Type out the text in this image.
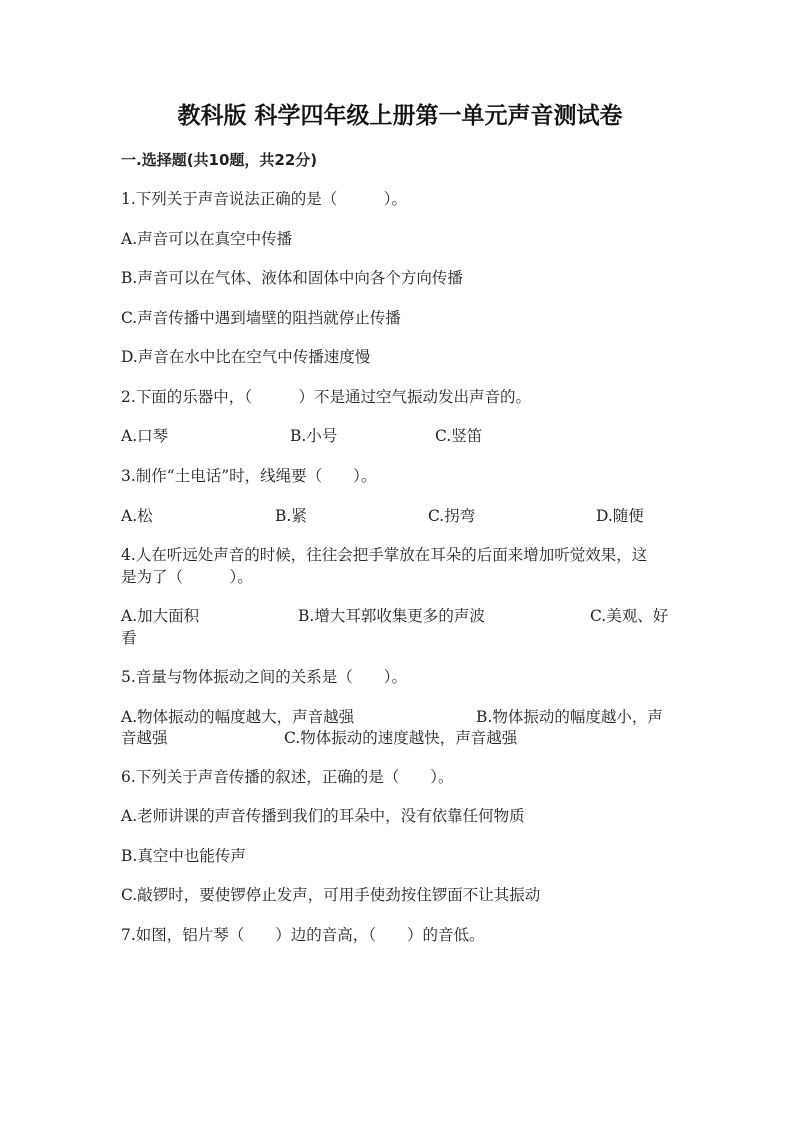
教科版 科学四年级上册第一单元声音测试卷
一.选择题(共10题，共22分)
1.下列关于声音说法正确的是（　　　）。
A.声音可以在真空中传播
B.声音可以在气体、液体和固体中向各个方向传播
C.声音传播中遇到墙壁的阻挡就停止传播
D.声音在水中比在空气中传播速度慢
2.下面的乐器中，（　　　）不是通过空气振动发出声音的。
A.口琴	B.小号	C.竖笛
3.制作“土电话”时，线绳要（　　）。
A.松	B.紧	C.拐弯	D.随便
4.人在听远处声音的时候，往往会把手掌放在耳朵的后面来增加听觉效果，这
是为了（　　　）。
A.加大面积	B.增大耳郭收集更多的声波	C.美观、好
看
5.音量与物体振动之间的关系是（　　）。
A.物体振动的幅度越大，声音越强	B.物体振动的幅度越小，声
音越强	C.物体振动的速度越快，声音越强
6.下列关于声音传播的叙述，正确的是（　　）。
A.老师讲课的声音传播到我们的耳朵中，没有依靠任何物质
B.真空中也能传声
C.敲锣时，要使锣停止发声，可用手使劲按住锣面不让其振动
7.如图，铝片琴（　　）边的音高，（　　）的音低。
